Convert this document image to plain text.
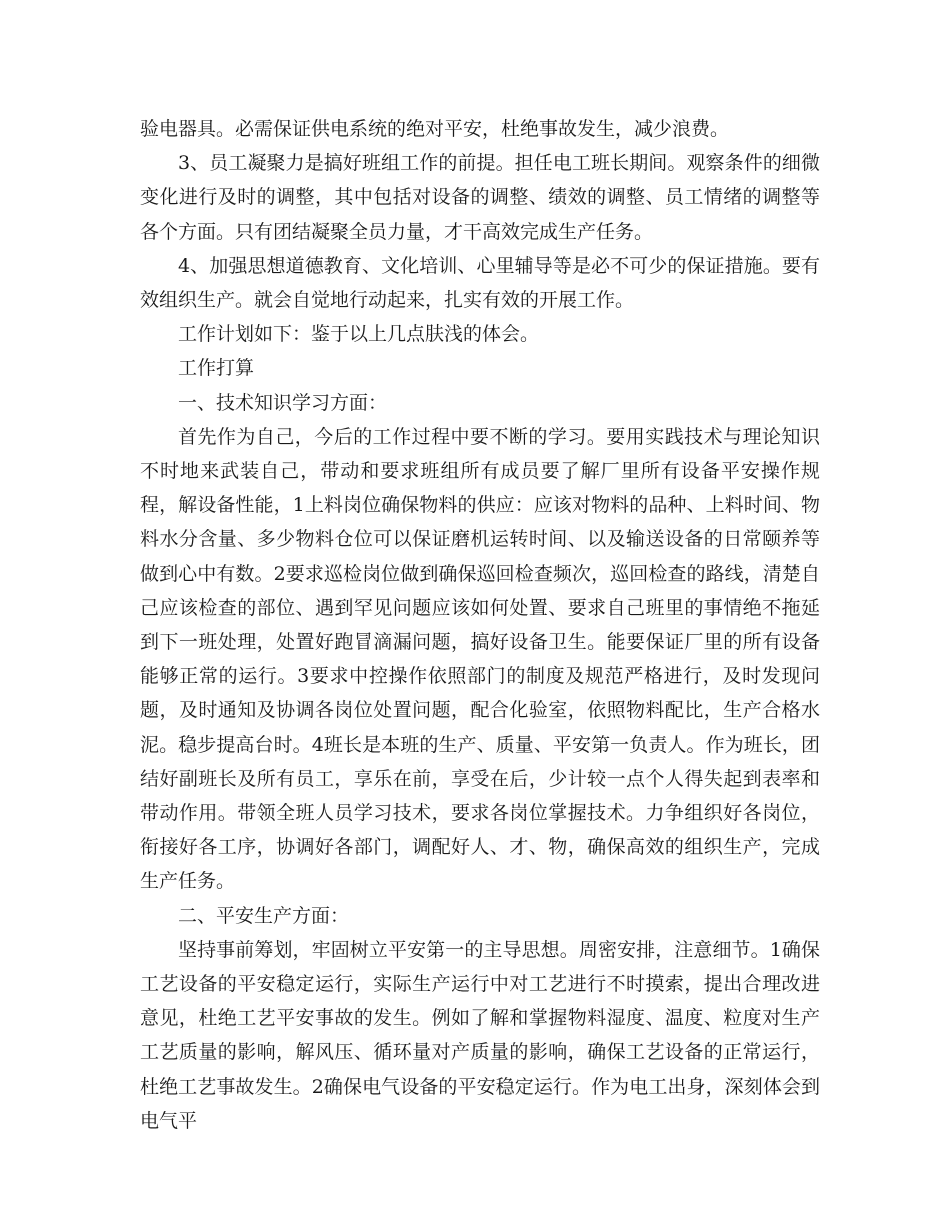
验电器具。必需保证供电系统的绝对平安，杜绝事故发生，减少浪费。

3、员工凝聚力是搞好班组工作的前提。担任电工班长期间。观察条件的细微变化进行及时的调整，其中包括对设备的调整、绩效的调整、员工情绪的调整等各个方面。只有团结凝聚全员力量，才干高效完成生产任务。

4、加强思想道德教育、文化培训、心里辅导等是必不可少的保证措施。要有效组织生产。就会自觉地行动起来，扎实有效的开展工作。

工作计划如下：鉴于以上几点肤浅的体会。

工作打算

一、技术知识学习方面：

首先作为自己，今后的工作过程中要不断的学习。要用实践技术与理论知识不时地来武装自己，带动和要求班组所有成员要了解厂里所有设备平安操作规程，解设备性能，1上料岗位确保物料的供应：应该对物料的品种、上料时间、物料水分含量、多少物料仓位可以保证磨机运转时间、以及输送设备的日常颐养等做到心中有数。2要求巡检岗位做到确保巡回检查频次，巡回检查的路线，清楚自己应该检查的部位、遇到罕见问题应该如何处置、要求自己班里的事情绝不拖延到下一班处理，处置好跑冒滴漏问题，搞好设备卫生。能要保证厂里的所有设备能够正常的运行。3要求中控操作依照部门的制度及规范严格进行，及时发现问题，及时通知及协调各岗位处置问题，配合化验室，依照物料配比，生产合格水泥。稳步提高台时。4班长是本班的生产、质量、平安第一负责人。作为班长，团结好副班长及所有员工，享乐在前，享受在后，少计较一点个人得失起到表率和带动作用。带领全班人员学习技术，要求各岗位掌握技术。力争组织好各岗位，衔接好各工序，协调好各部门，调配好人、才、物，确保高效的组织生产，完成生产任务。

二、平安生产方面：

坚持事前筹划，牢固树立平安第一的主导思想。周密安排，注意细节。1确保工艺设备的平安稳定运行，实际生产运行中对工艺进行不时摸索，提出合理改进意见，杜绝工艺平安事故的发生。例如了解和掌握物料湿度、温度、粒度对生产工艺质量的影响，解风压、循环量对产质量的影响，确保工艺设备的正常运行，杜绝工艺事故发生。2确保电气设备的平安稳定运行。作为电工出身，深刻体会到电气平
